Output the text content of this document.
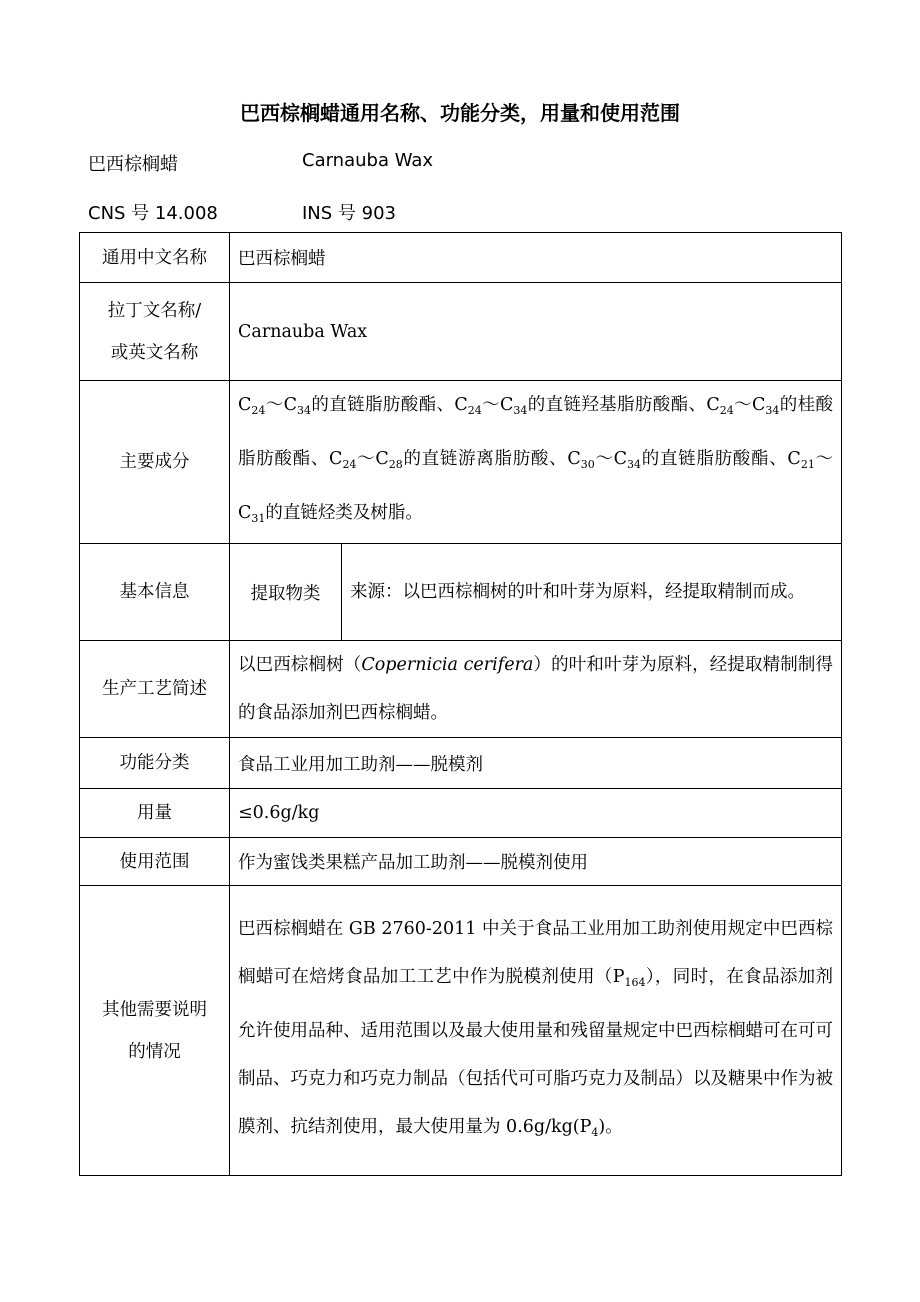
巴西棕榈蜡通用名称、功能分类，用量和使用范围
巴西棕榈蜡	Carnauba Wax
CNS 号 14.008	INS 号 903
通用中文名称	巴西棕榈蜡	

拉丁文名称/
或英文名称	Carnauba Wax	
主要成分	$C_{24}\sim C_{34}$的直链脂肪酸酯、$C_{24}\sim C_{34}$的直链羟基脂肪酸酯、$C_{24}\sim C_{34}$的桂酸脂肪酸酯、$C_{24}\sim C_{28}$的直链游离脂肪酸、$C_{30}\sim C_{34}$的直链脂肪酸酯、$C_{21}\sim C_{31}$的直链烃类及树脂。	

基本信息	提取物类	来源：以巴西棕榈树的叶和叶芽为原料，经提取精制而成。

生产工艺简述	以巴西棕榈树（Copernicia cerifera）的叶和叶芽为原料，经提取精制制得的食品添加剂巴西棕榈蜡。	

功能分类	食品工业用加工助剂——脱模剂	
用量	≤0.6g/kg	
使用范围	作为蜜饯类果糕产品加工助剂——脱模剂使用	

其他需要说明
的情况	巴西棕榈蜡在 GB 2760-2011 中关于食品工业用加工助剂使用规定中巴西棕榈蜡可在焙烤食品加工工艺中作为脱模剂使用$(P_{164})$，同时，在食品添加剂允许使用品种、适用范围以及最大使用量和残留量规定中巴西棕榈蜡可在可可制品、巧克力和巧克力制品（包括代可可脂巧克力及制品）以及糖果中作为被膜剂、抗结剂使用，最大使用量为 $0.6g/kg(P_4)$。	
